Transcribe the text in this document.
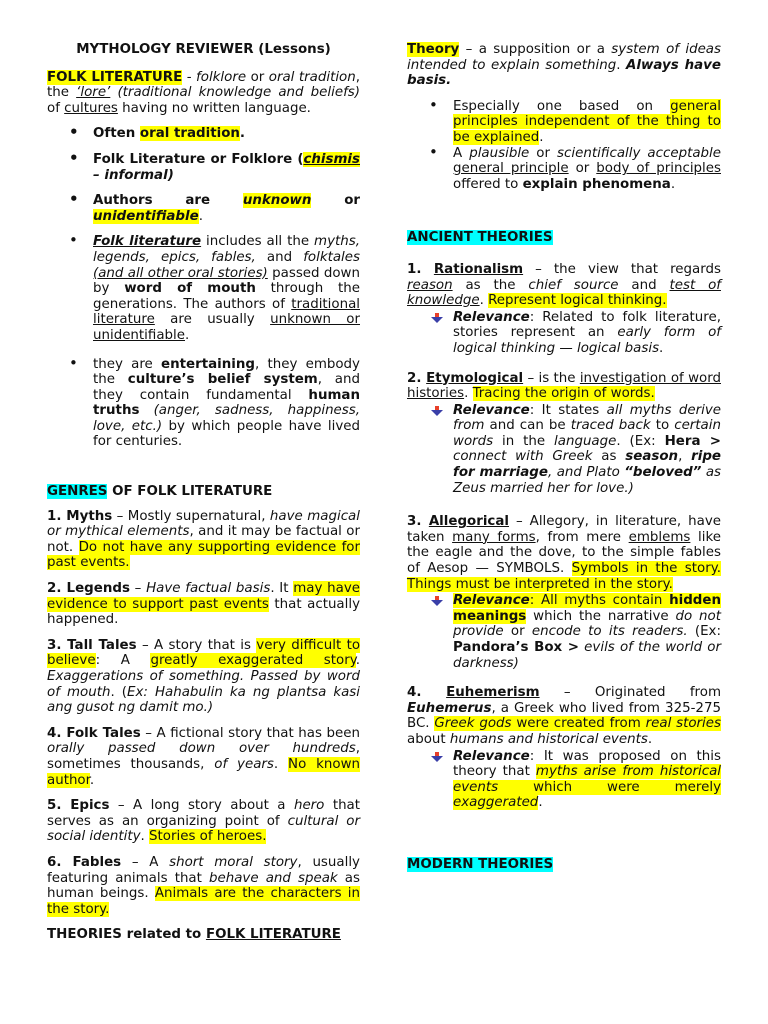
MYTHOLOGY REVIEWER (Lessons)

FOLK LITERATURE - folklore or oral tradition, the ‘lore’ (traditional knowledge and beliefs) of cultures having no written language.

• Often oral tradition.
• Folk Literature or Folklore (chismis – informal)
• Authors are unknown or unidentifiable.
• Folk literature includes all the myths, legends, epics, fables, and folktales (and all other oral stories) passed down by word of mouth through the generations. The authors of traditional literature are usually unknown or unidentifiable.
• they are entertaining, they embody the culture’s belief system, and they contain fundamental human truths (anger, sadness, happiness, love, etc.) by which people have lived for centuries.

GENRES OF FOLK LITERATURE

1. Myths – Mostly supernatural, have magical or mythical elements, and it may be factual or not. Do not have any supporting evidence for past events.

2. Legends – Have factual basis. It may have evidence to support past events that actually happened.

3. Tall Tales – A story that is very difficult to believe: A greatly exaggerated story. Exaggerations of something. Passed by word of mouth. (Ex: Hahabulin ka ng plantsa kasi ang gusot ng damit mo.)

4. Folk Tales – A fictional story that has been orally passed down over hundreds, sometimes thousands, of years. No known author.

5. Epics – A long story about a hero that serves as an organizing point of cultural or social identity. Stories of heroes.

6. Fables – A short moral story, usually featuring animals that behave and speak as human beings. Animals are the characters in the story.

THEORIES related to FOLK LITERATURE

Theory – a supposition or a system of ideas intended to explain something. Always have basis.

• Especially one based on general principles independent of the thing to be explained.
• A plausible or scientifically acceptable general principle or body of principles offered to explain phenomena.

ANCIENT THEORIES

1. Rationalism – the view that regards reason as the chief source and test of knowledge. Represent logical thinking.

Relevance: Related to folk literature, stories represent an early form of logical thinking — logical basis.

2. Etymological – is the investigation of word histories. Tracing the origin of words.

Relevance: It states all myths derive from and can be traced back to certain words in the language. (Ex: Hera > connect with Greek as season, ripe for marriage, and Plato “beloved” as Zeus married her for love.)

3. Allegorical – Allegory, in literature, have taken many forms, from mere emblems like the eagle and the dove, to the simple fables of Aesop — SYMBOLS. Symbols in the story. Things must be interpreted in the story.

Relevance: All myths contain hidden meanings which the narrative do not provide or encode to its readers. (Ex: Pandora’s Box > evils of the world or darkness)

4. Euhemerism – Originated from Euhemerus, a Greek who lived from 325-275 BC. Greek gods were created from real stories about humans and historical events.

Relevance: It was proposed on this theory that myths arise from historical events which were merely exaggerated.

MODERN THEORIES
